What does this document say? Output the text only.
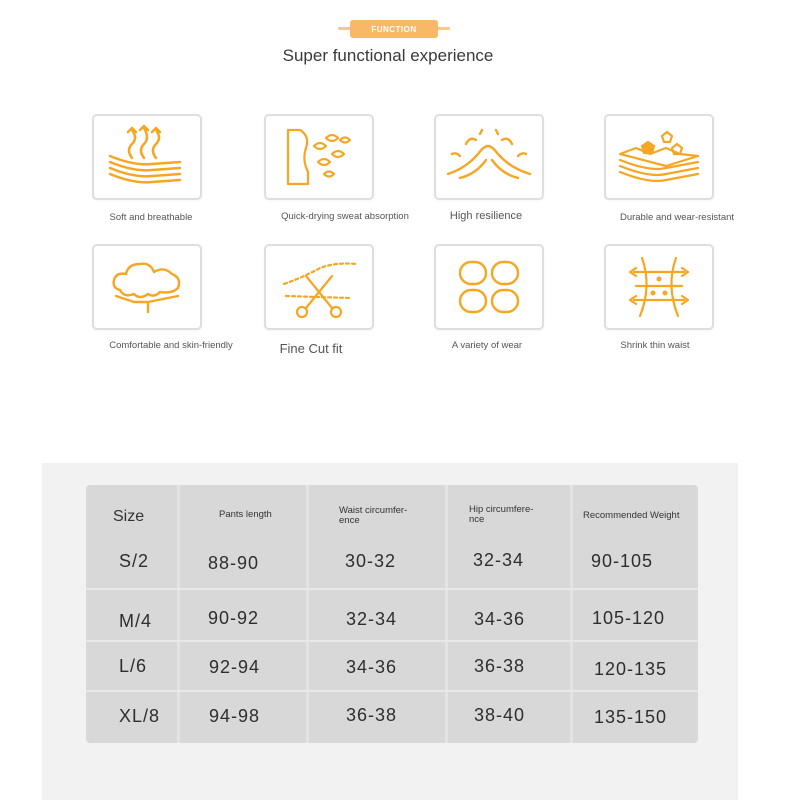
FUNCTION
Super functional experience
Soft and breathable	Quick-drying sweat absorption	High resilience	Durable and wear-resistant
Comfortable and skin-friendly	Fine Cut fit	A variety of wear	Shrink thin waist
Size	Pants length	Waist circumfer-
ence
Hip circumfere-
nce	Recommended Weight
S/2	88-90	30-32	32-34	90-105
M/4	90-92	32-34	34-36	105-120
L/6	92-94	34-36	36-38	120-135
XL/8	94-98	36-38	38-40	135-150
